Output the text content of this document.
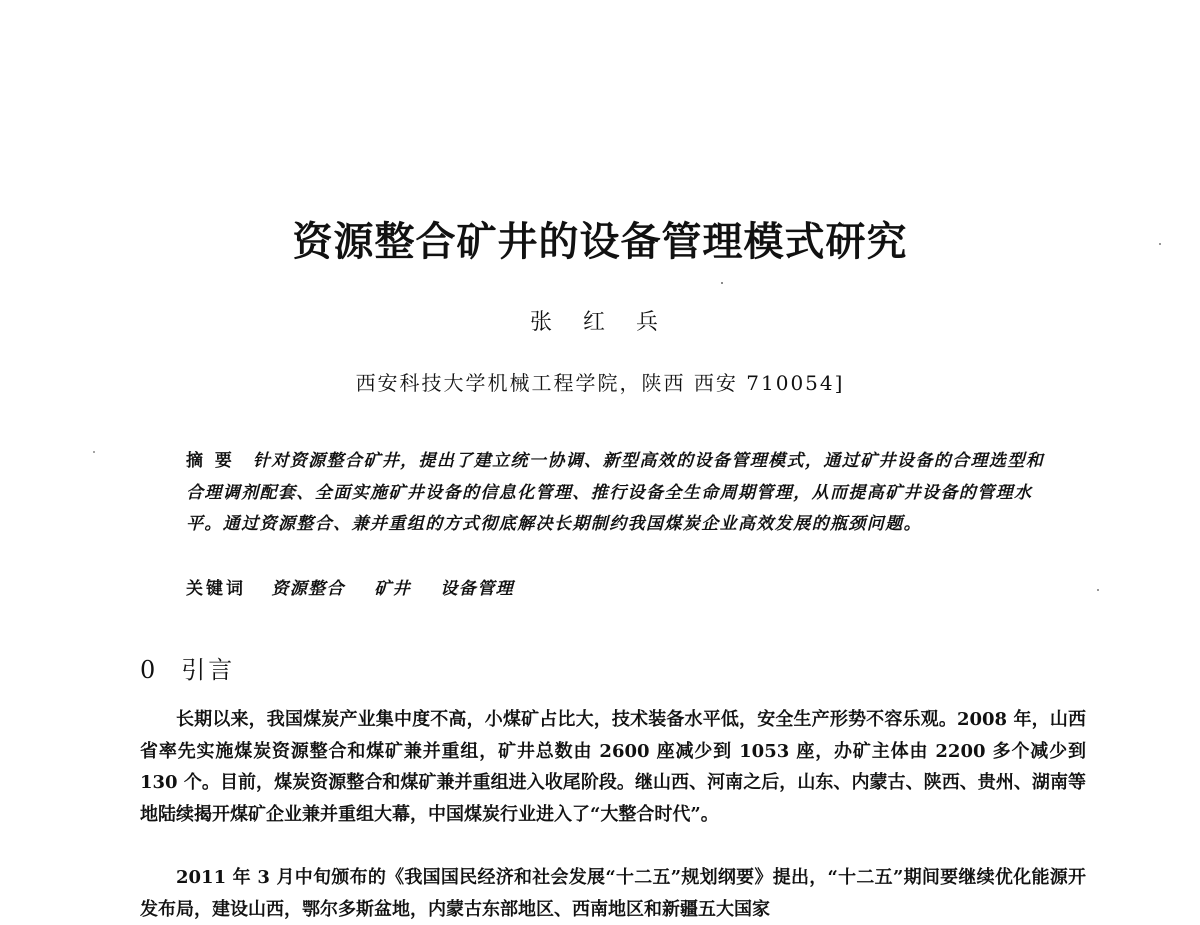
资源整合矿井的设备管理模式研究
张 红 兵
西安科技大学机械工程学院，陕西 西安 710054]
摘 要 针对资源整合矿井，提出了建立统一协调、新型高效的设备管理模式，通过矿井设备的合理选型和合理调剂配套、全面实施矿井设备的信息化管理、推行设备全生命周期管理，从而提高矿井设备的管理水平。通过资源整合、兼并重组的方式彻底解决长期制约我国煤炭企业高效发展的瓶颈问题。
关键词 资源整合 矿井 设备管理
0 引言

长期以来，我国煤炭产业集中度不高，小煤矿占比大，技术装备水平低，安全生产形势不容乐观。2008 年，山西省率先实施煤炭资源整合和煤矿兼并重组，矿井总数由 2600 座减少到 1053 座，办矿主体由 2200 多个减少到 130 个。目前，煤炭资源整合和煤矿兼并重组进入收尾阶段。继山西、河南之后，山东、内蒙古、陕西、贵州、湖南等地陆续揭开煤矿企业兼并重组大幕，中国煤炭行业进入了“大整合时代”。

2011 年 3 月中旬颁布的《我国国民经济和社会发展“十二五”规划纲要》提出，“十二五”期间要继续优化能源开发布局，建设山西，鄂尔多斯盆地，内蒙古东部地区、西南地区和新疆五大国家
